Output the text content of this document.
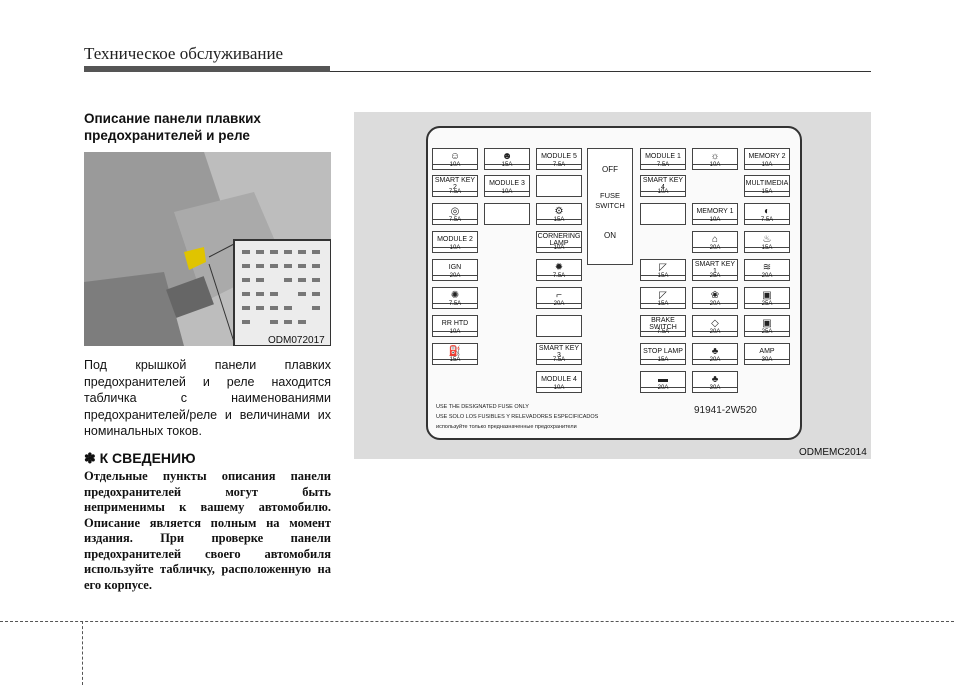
Техническое обслуживание
Описание панели плавких предохранителей и реле
ODM072017
Под крышкой панели плавких предохранителей и реле находится табличка с наименованиями предохранителей/реле и величинами их номинальных токов.
✽ К СВЕДЕНИЮ
Отдельные пункты описания панели предохранителей могут быть неприменимы к вашему автомобилю. Описание является полным на момент издания. При проверке панели предохранителей своего автомобиля используйте табличку, расположенную на его корпусе.
OFF
FUSE SWITCH
ON
☺
10A
☻
15A
MODULE 5
7.5A
MODULE 1
7.5A
☼
10A
MEMORY 2
10A
SMART KEY 2
7.5A
MODULE 3
10A
SMART KEY 4
10A
MULTIMEDIA
15A
◎
7.5A
⚙
15A
MEMORY 1
10A
◐
7.5A
MODULE 2
10A
CORNERING LAMP
10A
⌂
20A
♨
15A
IGN
20A
✹
7.5A
◸
15A
SMART KEY 1
25A
≋
20A
✺
7.5A
⌐
20A
◸
15A
❀
20A
▣
25A
RR HTD
10A
BRAKE SWITCH
7.5A
◇
20A
▣
25A
⛽
15A
SMART KEY 3
7.5A
STOP LAMP
15A
♣
20A
AMP
30A
MODULE 4
10A
▬
20A
♣
30A
USE THE DESIGNATED FUSE ONLY
USE SOLO LOS FUSIBLES Y RELEVADORES ESPECIFICADOS
используйте только предназначенные предохранители
91941-2W520
ODMEMC2014
